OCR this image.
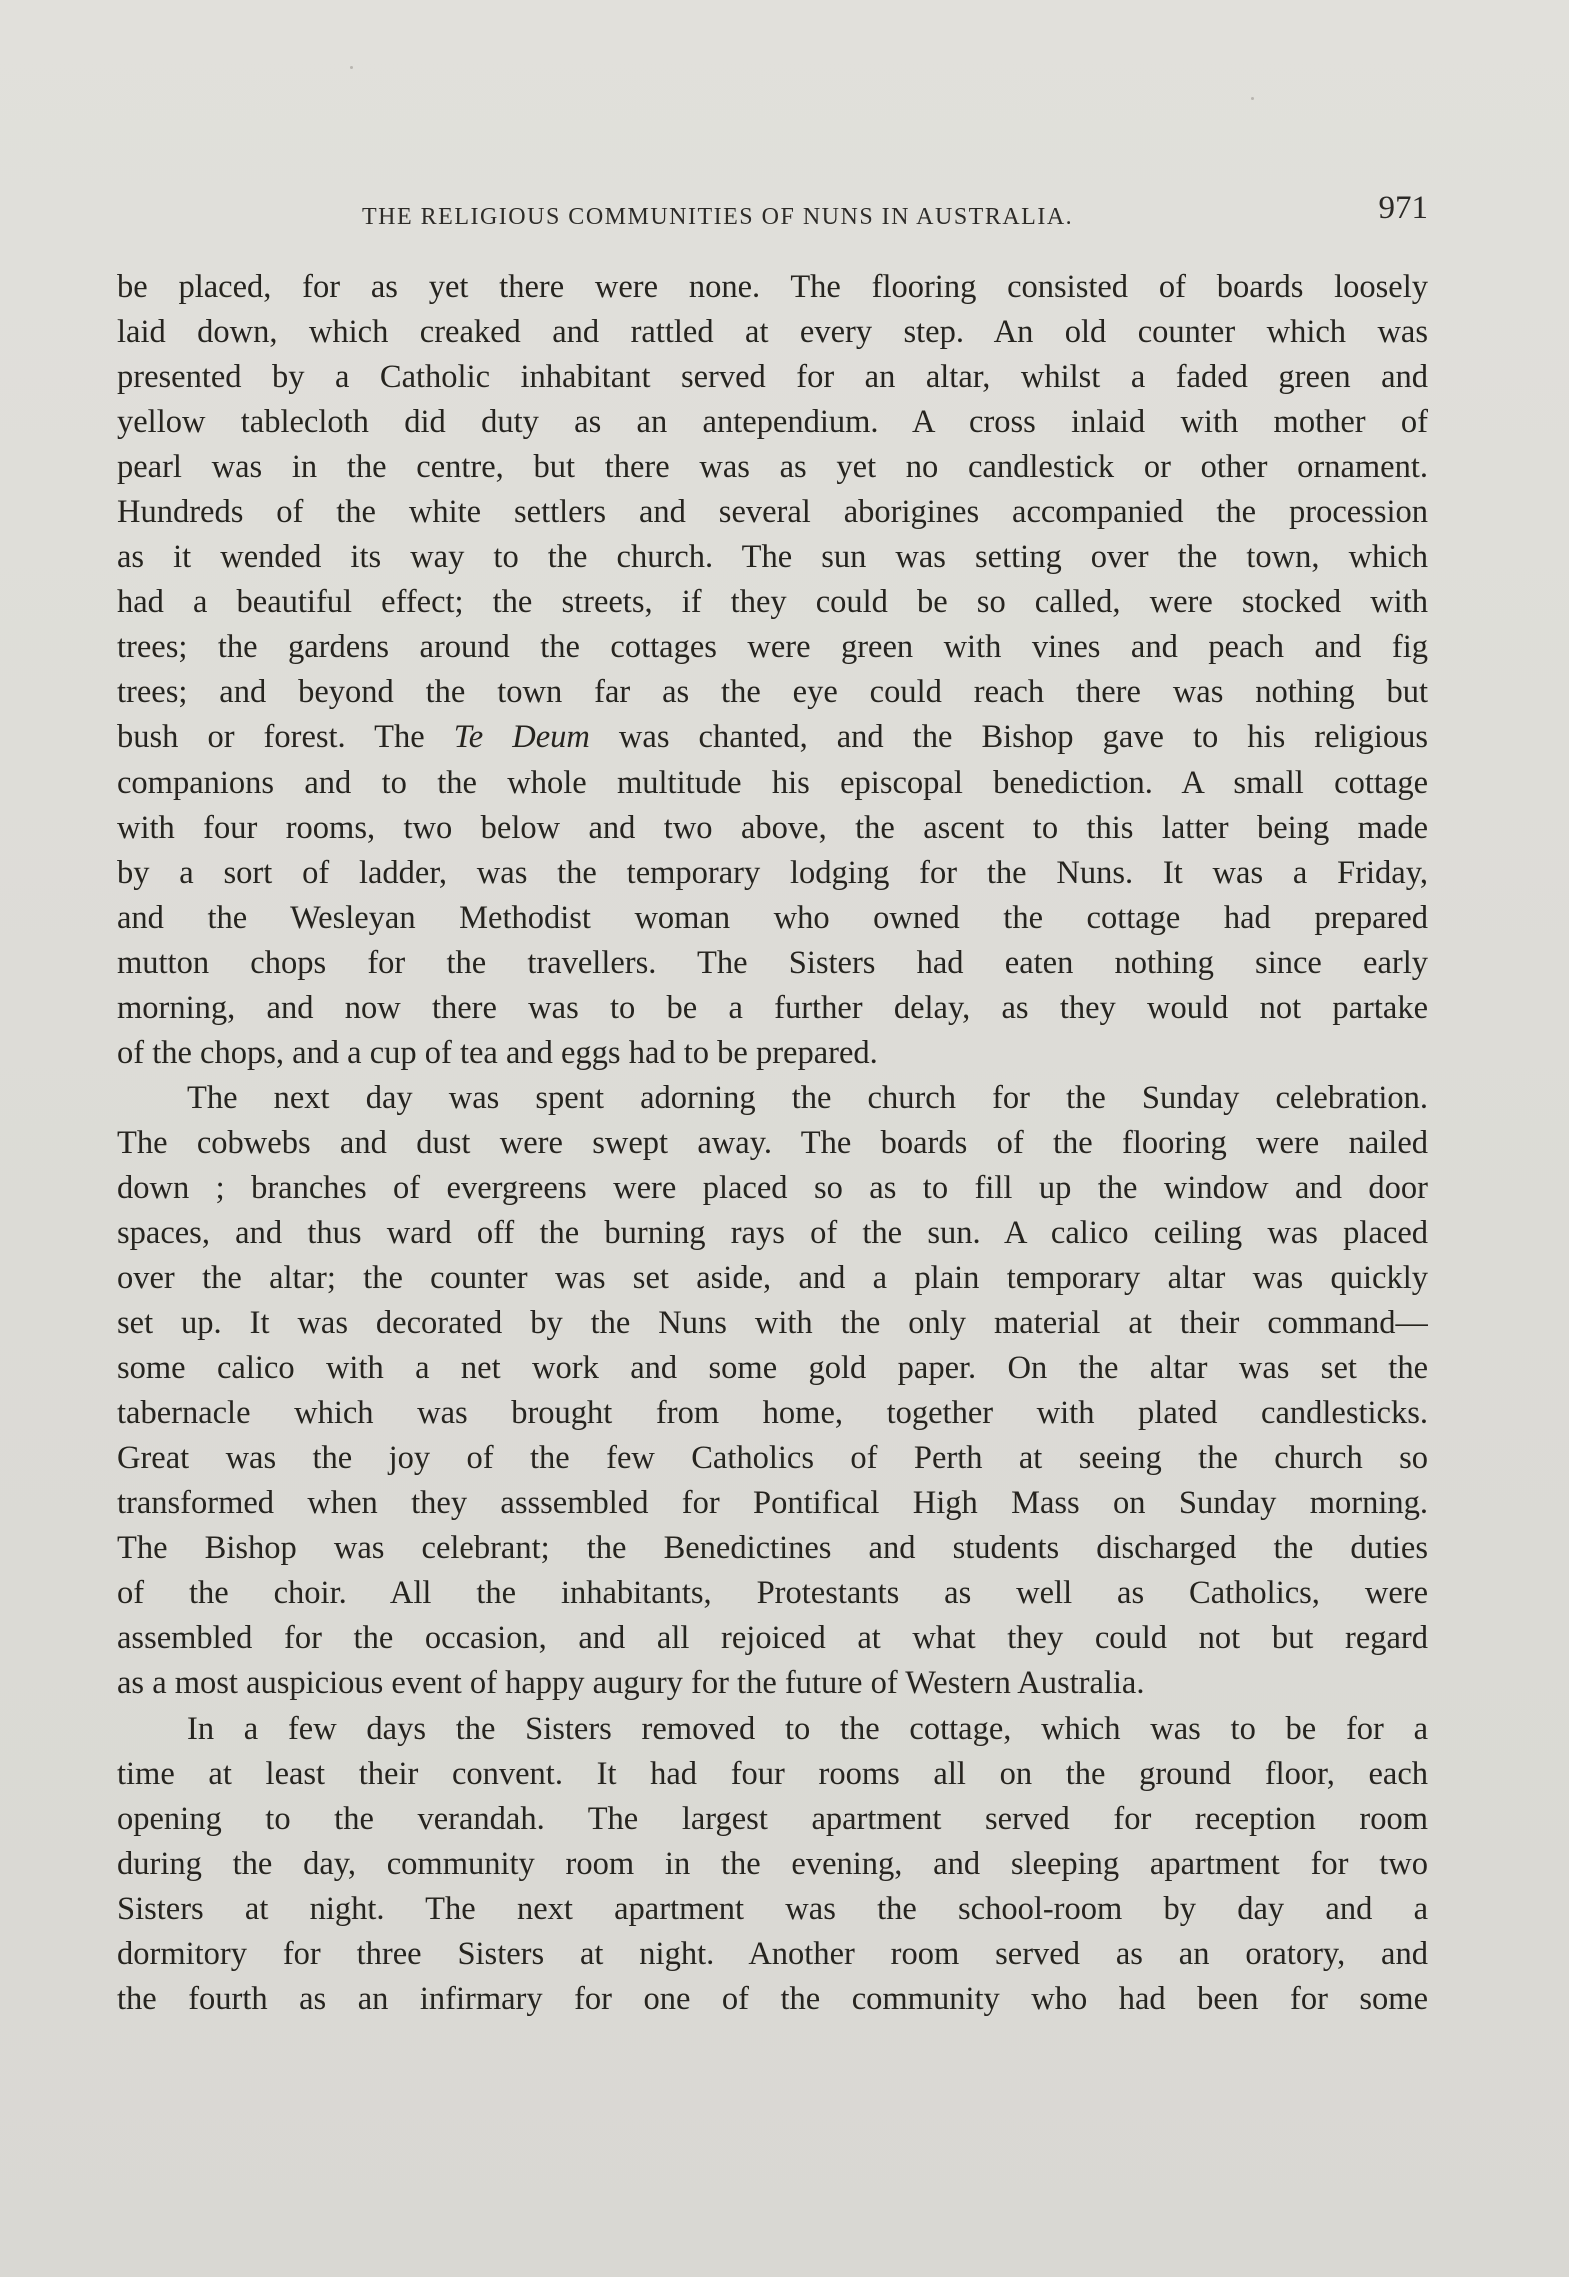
THE RELIGIOUS COMMUNITIES OF NUNS IN AUSTRALIA.	971
be placed, for as yet there were none. The flooring consisted of boards loosely
laid down, which creaked and rattled at every step. An old counter which was
presented by a Catholic inhabitant served for an altar, whilst a faded green and
yellow tablecloth did duty as an antependium. A cross inlaid with mother of
pearl was in the centre, but there was as yet no candlestick or other ornament.
Hundreds of the white settlers and several aborigines accompanied the procession
as it wended its way to the church. The sun was setting over the town, which
had a beautiful effect; the streets, if they could be so called, were stocked with
trees; the gardens around the cottages were green with vines and peach and fig
trees; and beyond the town far as the eye could reach there was nothing but
bush or forest. The Te Deum was chanted, and the Bishop gave to his religious
companions and to the whole multitude his episcopal benediction. A small cottage
with four rooms, two below and two above, the ascent to this latter being made
by a sort of ladder, was the temporary lodging for the Nuns. It was a Friday,
and the Wesleyan Methodist woman who owned the cottage had prepared
mutton chops for the travellers. The Sisters had eaten nothing since early
morning, and now there was to be a further delay, as they would not partake
of the chops, and a cup of tea and eggs had to be prepared.
The next day was spent adorning the church for the Sunday celebration.
The cobwebs and dust were swept away. The boards of the flooring were nailed
down ; branches of evergreens were placed so as to fill up the window and door
spaces, and thus ward off the burning rays of the sun. A calico ceiling was placed
over the altar; the counter was set aside, and a plain temporary altar was quickly
set up. It was decorated by the Nuns with the only material at their command—
some calico with a net work and some gold paper. On the altar was set the
tabernacle which was brought from home, together with plated candlesticks.
Great was the joy of the few Catholics of Perth at seeing the church so
transformed when they asssembled for Pontifical High Mass on Sunday morning.
The Bishop was celebrant; the Benedictines and students discharged the duties
of the choir. All the inhabitants, Protestants as well as Catholics, were
assembled for the occasion, and all rejoiced at what they could not but regard
as a most auspicious event of happy augury for the future of Western Australia.
In a few days the Sisters removed to the cottage, which was to be for a
time at least their convent. It had four rooms all on the ground floor, each
opening to the verandah. The largest apartment served for reception room
during the day, community room in the evening, and sleeping apartment for two
Sisters at night. The next apartment was the school-room by day and a
dormitory for three Sisters at night. Another room served as an oratory, and
the fourth as an infirmary for one of the community who had been for some
